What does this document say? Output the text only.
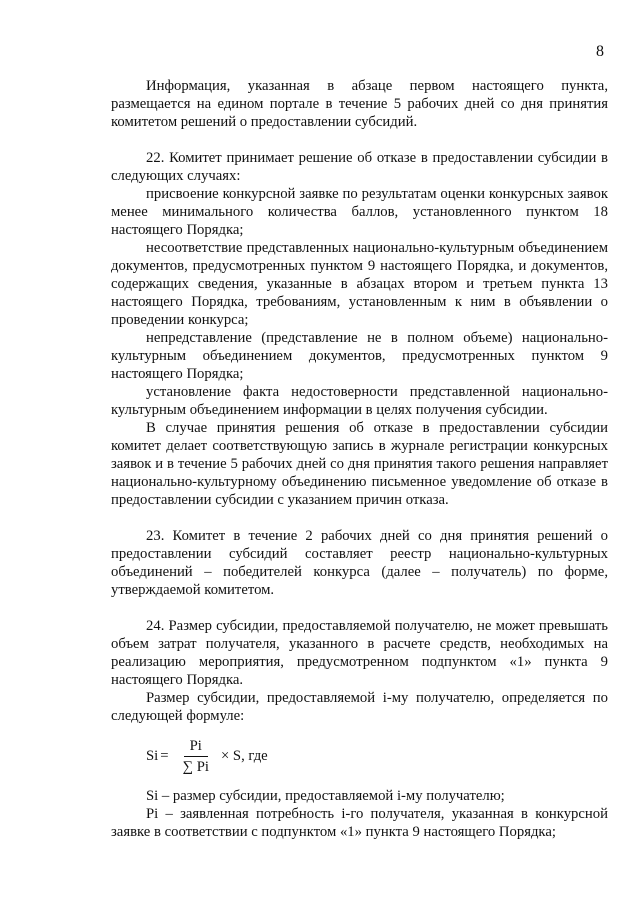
8

Информация, указанная в абзаце первом настоящего пункта, размещается на едином портале в течение 5 рабочих дней со дня принятия комитетом решений о предоставлении субсидий.

22. Комитет принимает решение об отказе в предоставлении субсидии в следующих случаях:

присвоение конкурсной заявке по результатам оценки конкурсных заявок менее минимального количества баллов, установленного пунктом 18 настоящего Порядка;

несоответствие представленных национально-культурным объединением документов, предусмотренных пунктом 9 настоящего Порядка, и документов, содержащих сведения, указанные в абзацах втором и третьем пункта 13 настоящего Порядка, требованиям, установленным к ним в объявлении о проведении конкурса;

непредставление (представление не в полном объеме) национально-культурным объединением документов, предусмотренных пунктом 9 настоящего Порядка;

установление факта недостоверности представленной национально-культурным объединением информации в целях получения субсидии.

В случае принятия решения об отказе в предоставлении субсидии комитет делает соответствующую запись в журнале регистрации конкурсных заявок и в течение 5 рабочих дней со дня принятия такого решения направляет национально-культурному объединению письменное уведомление об отказе в предоставлении субсидии с указанием причин отказа.

23. Комитет в течение 2 рабочих дней со дня принятия решений о предоставлении субсидий составляет реестр национально-культурных объединений – победителей конкурса (далее – получатель) по форме, утверждаемой комитетом.

24. Размер субсидии, предоставляемой получателю, не может превышать объем затрат получателя, указанного в расчете средств, необходимых на реализацию мероприятия, предусмотренном подпунктом «1» пункта 9 настоящего Порядка.

Размер субсидии, предоставляемой i-му получателю, определяется по следующей формуле:

$Si = \frac{Pi}{\sum Pi} \times S$, где

Si – размер субсидии, предоставляемой i-му получателю;

Pi – заявленная потребность i-го получателя, указанная в конкурсной заявке в соответствии с подпунктом «1» пункта 9 настоящего Порядка;
